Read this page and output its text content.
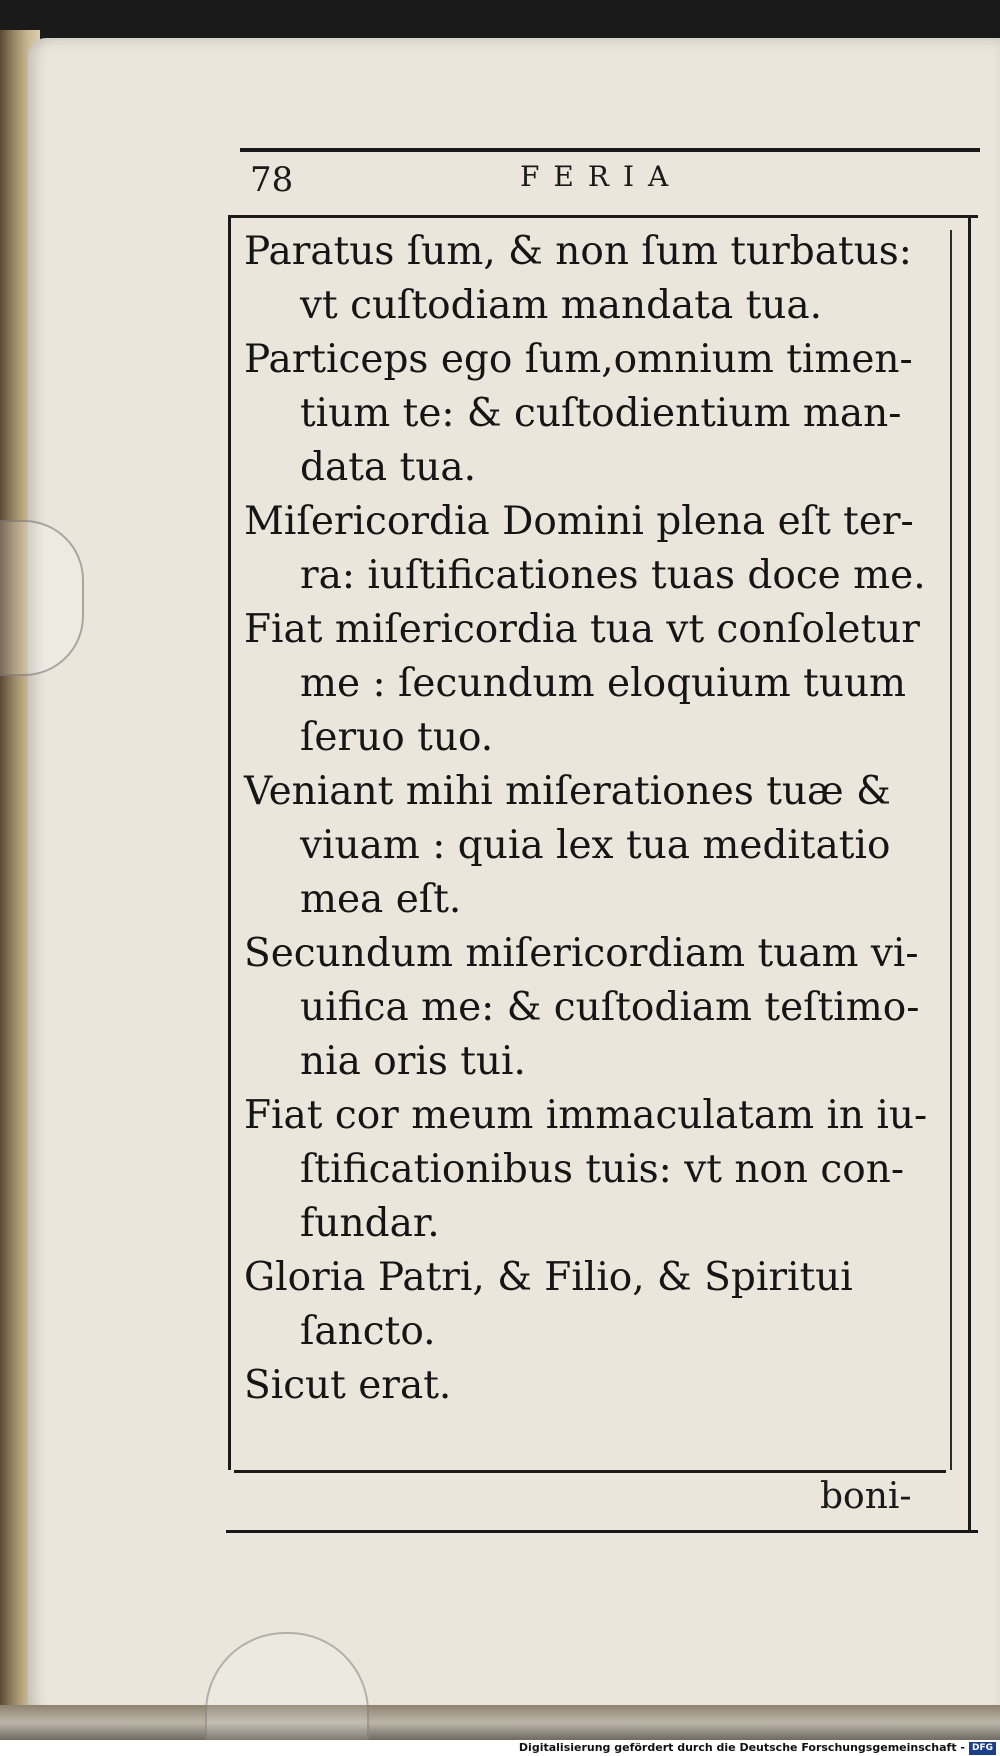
78	FERIA
Paratus ſum, & non ſum turbatus:
vt cuſtodiam mandata tua.
Particeps ego ſum,omnium timen-
tium te: & cuſtodientium man-
data tua.
Miſericordia Domini plena eſt ter-
ra: iuſtificationes tuas doce me.
Fiat miſericordia tua vt conſoletur
me : ſecundum eloquium tuum
ſeruo tuo.
Veniant mihi miſerationes tuæ &
viuam : quia lex tua meditatio
mea eſt.
Secundum miſericordiam tuam vi-
uifica me: & cuſtodiam teſtimo-
nia oris tui.
Fiat cor meum immaculatam in iu-
ſtificationibus tuis: vt non con-
fundar.
Gloria Patri, & Filio, & Spiritui
ſancto.
Sicut erat.
boni-
Digitalisierung gefördert durch die Deutsche Forschungsgemeinschaft - DFG
